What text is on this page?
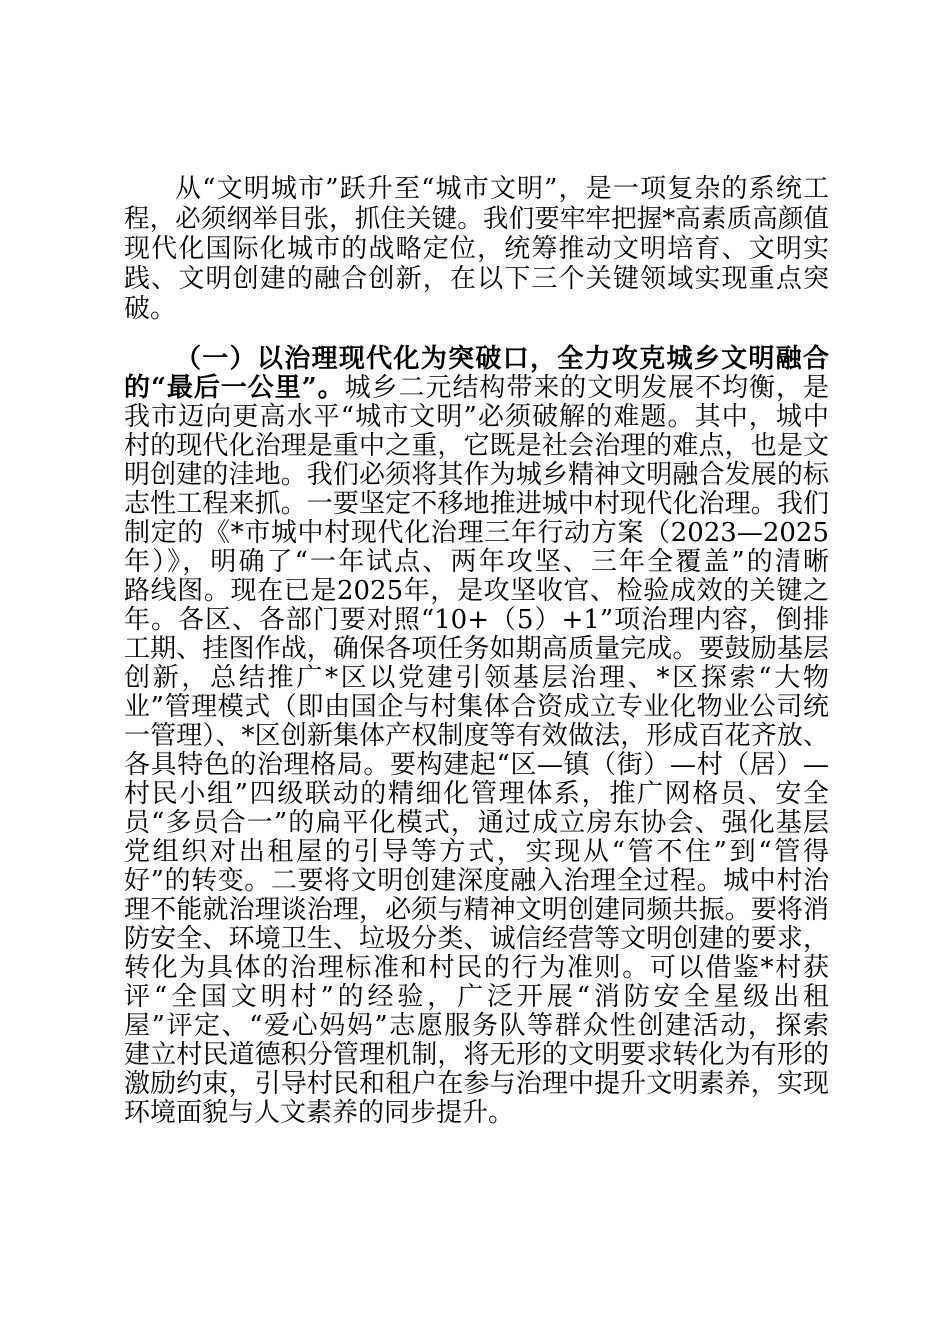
从“文明城市”跃升至“城市文明”，是一项复杂的系统工
程，必须纲举目张，抓住关键。我们要牢牢把握*高素质高颜值
现代化国际化城市的战略定位，统筹推动文明培育、文明实
践、文明创建的融合创新，在以下三个关键领域实现重点突
破。
（一）以治理现代化为突破口，全力攻克城乡文明融合
的“最后一公里”。城乡二元结构带来的文明发展不均衡，是
我市迈向更高水平“城市文明”必须破解的难题。其中，城中
村的现代化治理是重中之重，它既是社会治理的难点，也是文
明创建的洼地。我们必须将其作为城乡精神文明融合发展的标
志性工程来抓。一要坚定不移地推进城中村现代化治理。我们
制定的《*市城中村现代化治理三年行动方案（2023—2025
年）》，明确了“一年试点、两年攻坚、三年全覆盖”的清晰
路线图。现在已是2025年，是攻坚收官、检验成效的关键之
年。各区、各部门要对照“10+（5）+1”项治理内容，倒排
工期、挂图作战，确保各项任务如期高质量完成。要鼓励基层
创新，总结推广*区以党建引领基层治理、*区探索“大物
业”管理模式（即由国企与村集体合资成立专业化物业公司统
一管理）、*区创新集体产权制度等有效做法，形成百花齐放、
各具特色的治理格局。要构建起“区—镇（街）—村（居）—
村民小组”四级联动的精细化管理体系，推广网格员、安全
员“多员合一”的扁平化模式，通过成立房东协会、强化基层
党组织对出租屋的引导等方式，实现从“管不住”到“管得
好”的转变。二要将文明创建深度融入治理全过程。城中村治
理不能就治理谈治理，必须与精神文明创建同频共振。要将消
防安全、环境卫生、垃圾分类、诚信经营等文明创建的要求，
转化为具体的治理标准和村民的行为准则。可以借鉴*村获
评“全国文明村”的经验，广泛开展“消防安全星级出租
屋”评定、“爱心妈妈”志愿服务队等群众性创建活动，探索
建立村民道德积分管理机制，将无形的文明要求转化为有形的
激励约束，引导村民和租户在参与治理中提升文明素养，实现
环境面貌与人文素养的同步提升。
